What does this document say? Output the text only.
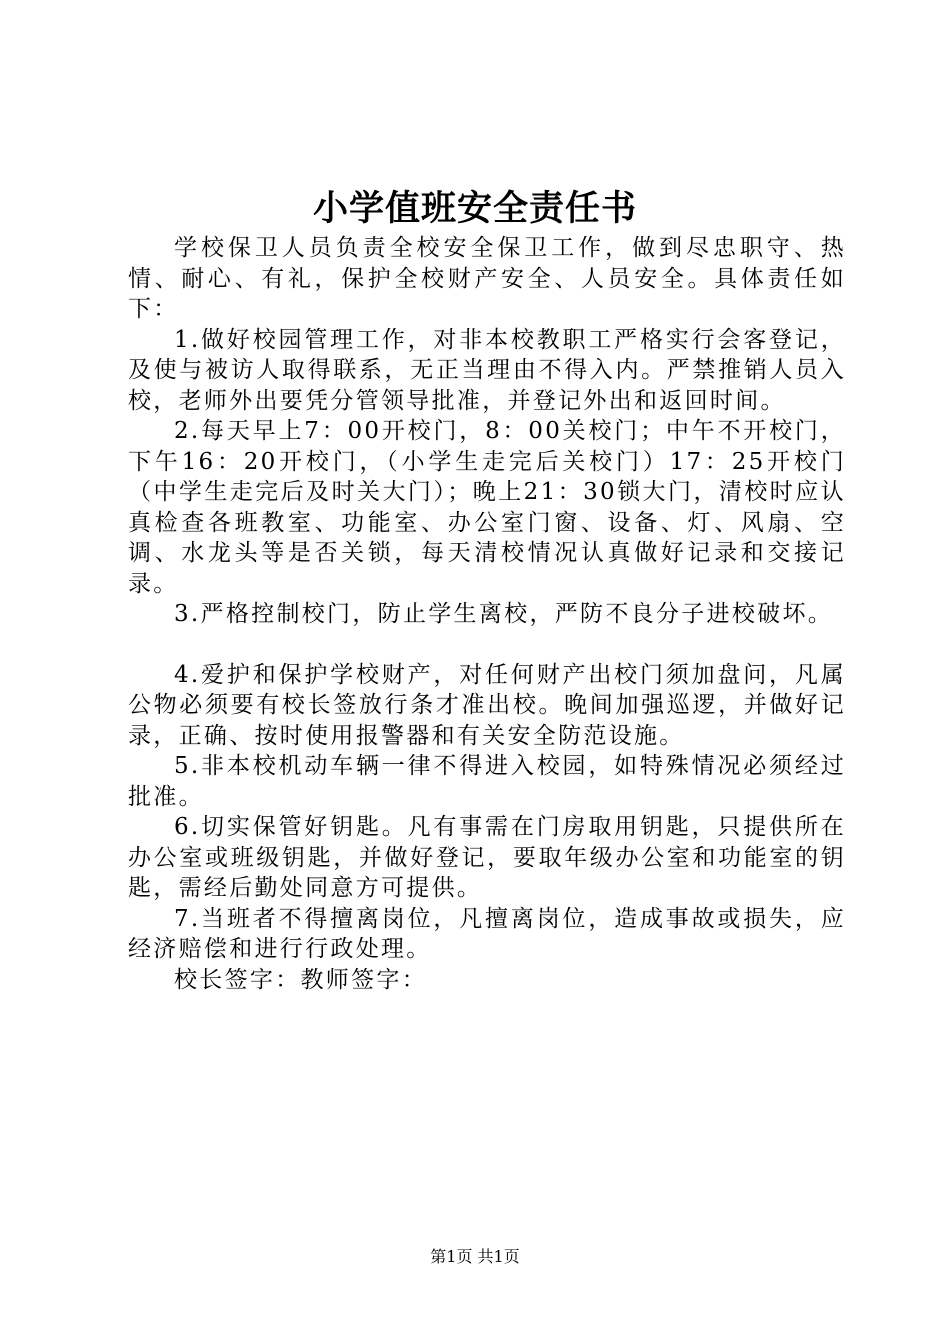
小学值班安全责任书

学校保卫人员负责全校安全保卫工作，做到尽忠职守、热情、耐心、有礼，保护全校财产安全、人员安全。具体责任如下：

1.做好校园管理工作，对非本校教职工严格实行会客登记，及使与被访人取得联系，无正当理由不得入内。严禁推销人员入校，老师外出要凭分管领导批准，并登记外出和返回时间。

2.每天早上7：00开校门，8：00关校门；中午不开校门，下午16：20开校门，（小学生走完后关校门）17：25开校门（中学生走完后及时关大门）；晚上21：30锁大门，清校时应认真检查各班教室、功能室、办公室门窗、设备、灯、风扇、空调、水龙头等是否关锁，每天清校情况认真做好记录和交接记录。

3.严格控制校门，防止学生离校，严防不良分子进校破坏。

4.爱护和保护学校财产，对任何财产出校门须加盘问，凡属公物必须要有校长签放行条才准出校。晚间加强巡逻，并做好记录，正确、按时使用报警器和有关安全防范设施。

5.非本校机动车辆一律不得进入校园，如特殊情况必须经过批准。

6.切实保管好钥匙。凡有事需在门房取用钥匙，只提供所在办公室或班级钥匙，并做好登记，要取年级办公室和功能室的钥匙，需经后勤处同意方可提供。

7.当班者不得擅离岗位，凡擅离岗位，造成事故或损失，应经济赔偿和进行行政处理。

校长签字：教师签字：

第1页 共1页
